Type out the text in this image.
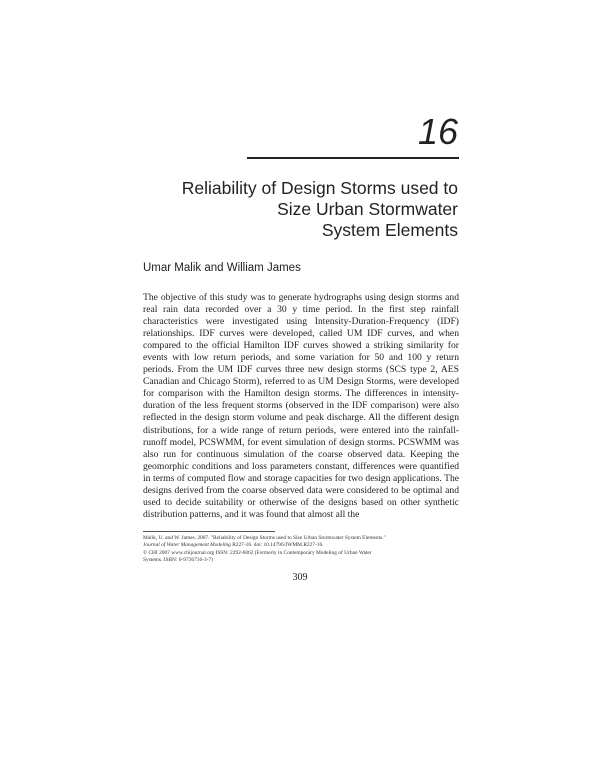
16
Reliability of Design Storms used to
Size Urban Stormwater
System Elements
Umar Malik and William James

The objective of this study was to generate hydrographs using design storms and real rain data recorded over a 30 y time period. In the first step rainfall characteristics were investigated using Intensity-Duration-Frequency (IDF) relationships. IDF curves were developed, called UM IDF curves, and when compared to the official Hamilton IDF curves showed a striking similarity for events with low return periods, and some variation for 50 and 100 y return periods. From the UM IDF curves three new design storms (SCS type 2, AES Canadian and Chicago Storm), referred to as UM Design Storms, were developed for comparison with the Hamilton design storms. The differences in intensity-duration of the less frequent storms (observed in the IDF comparison) were also reflected in the design storm volume and peak discharge. All the different design distributions, for a wide range of return periods, were entered into the rainfall-runoff model, PCSWMM, for event simulation of design storms. PCSWMM was also run for continuous simulation of the coarse observed data. Keeping the geomorphic conditions and loss parameters constant, differences were quantified in terms of computed flow and storage capacities for two design applications. The designs derived from the coarse observed data were considered to be optimal and used to decide suitability or otherwise of the designs based on other synthetic distribution patterns, and it was found that almost all the

Malik, U. and W. James. 2007. "Reliability of Design Storms used to Size Urban Stormwater System Elements."
Journal of Water Management Modeling R227-16. doi: 10.14796/JWMM.R227-16.
© CHI 2007 www.chijournal.org ISSN: 2292-6062 (Formerly in Contemporary Modeling of Urban Water
Systems. ISBN: 0-9736716-3-7)
309
